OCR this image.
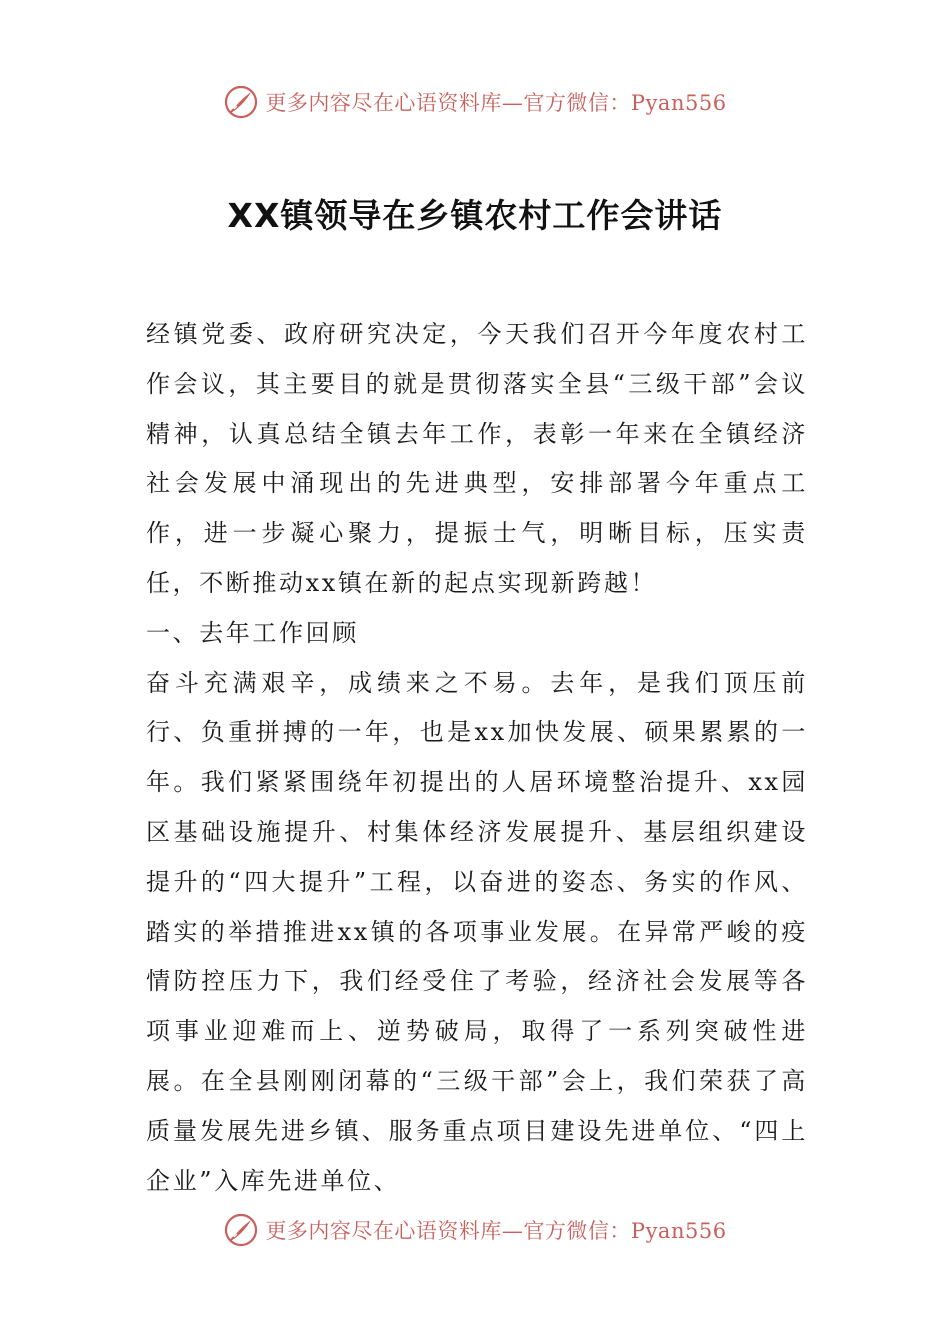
更多内容尽在心语资料库—官方微信：Pyan556
XX镇领导在乡镇农村工作会讲话

经镇党委、政府研究决定，今天我们召开今年度农村工作会议，其主要目的就是贯彻落实全县“三级干部”会议精神，认真总结全镇去年工作，表彰一年来在全镇经济社会发展中涌现出的先进典型，安排部署今年重点工作，进一步凝心聚力，提振士气，明晰目标，压实责任，不断推动xx镇在新的起点实现新跨越！

一、去年工作回顾

奋斗充满艰辛，成绩来之不易。去年，是我们顶压前行、负重拼搏的一年，也是xx加快发展、硕果累累的一年。我们紧紧围绕年初提出的人居环境整治提升、xx园区基础设施提升、村集体经济发展提升、基层组织建设提升的“四大提升”工程，以奋进的姿态、务实的作风、踏实的举措推进xx镇的各项事业发展。在异常严峻的疫情防控压力下，我们经受住了考验，经济社会发展等各项事业迎难而上、逆势破局，取得了一系列突破性进展。在全县刚刚闭幕的“三级干部”会上，我们荣获了高质量发展先进乡镇、服务重点项目建设先进单位、“四上企业”入库先进单位、

更多内容尽在心语资料库—官方微信：Pyan556
